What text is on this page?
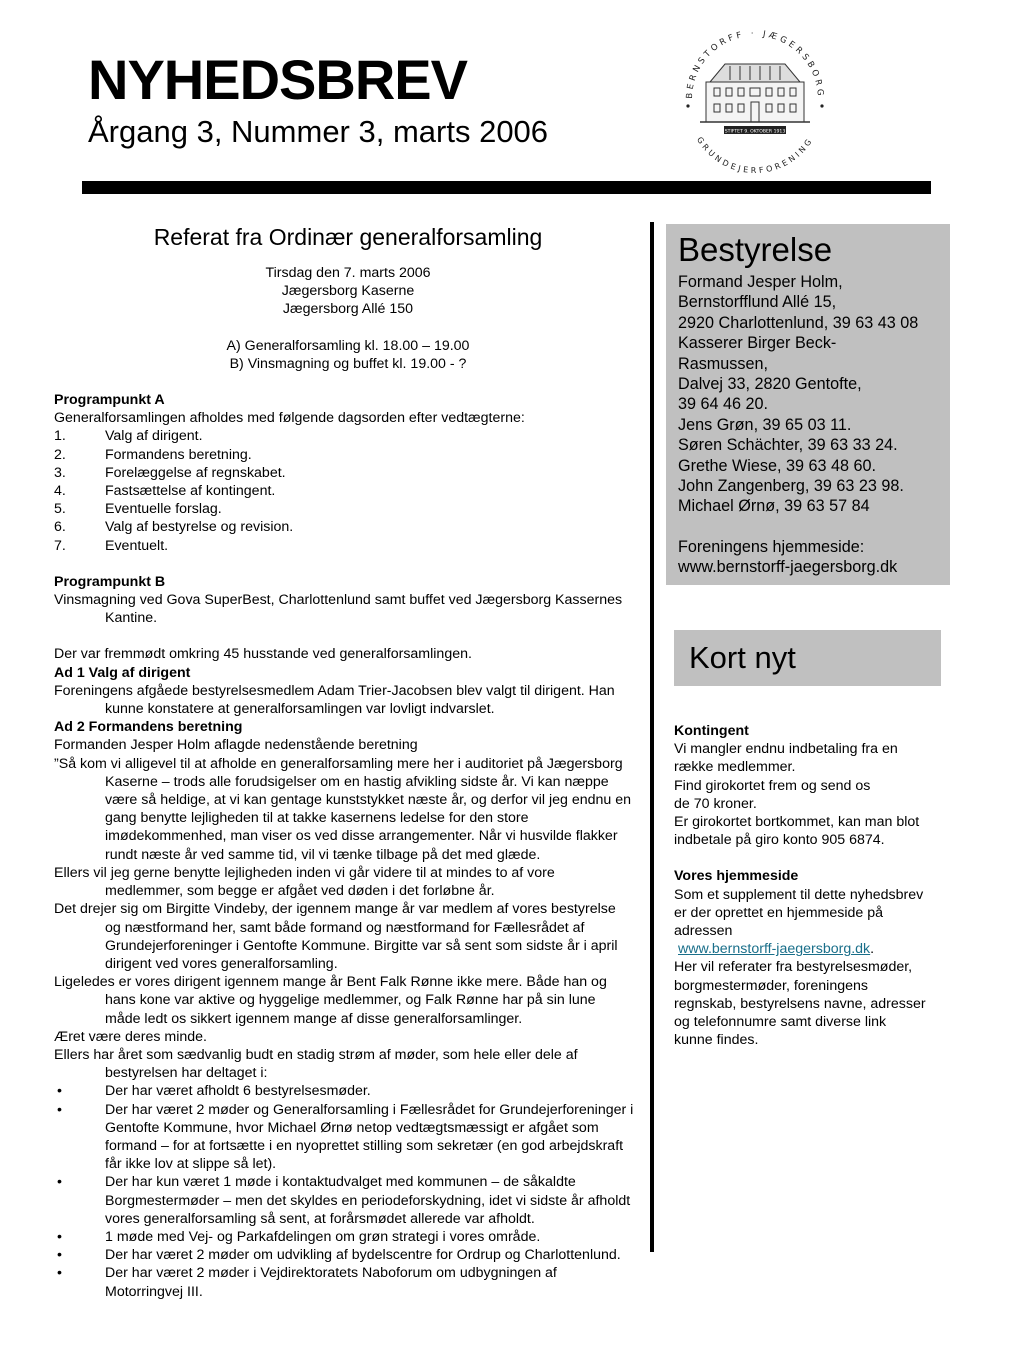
NYHEDSBREV
Årgang 3, Nummer 3, marts 2006
BERNSTORFF · JÆGERSBORG
GRUNDEJERFORENING
STIFTET 9. OKTOBER 1913
Referat fra Ordinær generalforsamling
Tirsdag den 7. marts 2006
Jægersborg Kaserne
Jægersborg Allé 150
A) Generalforsamling kl. 18.00 – 19.00
B) Vinsmagning og buffet kl. 19.00 - ?
Programpunkt A
Generalforsamlingen afholdes med følgende dagsorden efter vedtægterne:
1.	Valg af dirigent.
2.	Formandens beretning.
3.	Forelæggelse af regnskabet.
4.	Fastsættelse af kontingent.
5.	Eventuelle forslag.
6.	Valg af bestyrelse og revision.
7.	Eventuelt.
Programpunkt B
Vinsmagning ved Gova SuperBest, Charlottenlund samt buffet ved Jægersborg Kassernes Kantine.
Der var fremmødt omkring 45 husstande ved generalforsamlingen.
Ad 1 Valg af dirigent
Foreningens afgåede bestyrelsesmedlem Adam Trier-Jacobsen blev valgt til dirigent. Han kunne konstatere at generalforsamlingen var lovligt indvarslet.
Ad 2 Formandens beretning
Formanden Jesper Holm aflagde nedenstående beretning
”Så kom vi alligevel til at afholde en generalforsamling mere her i auditoriet på Jægersborg Kaserne – trods alle forudsigelser om en hastig afvikling sidste år. Vi kan næppe være så heldige, at vi kan gentage kunststykket næste år, og derfor vil jeg endnu en gang benytte lejligheden til at takke kasernens ledelse for den store imødekommenhed, man viser os ved disse arrangementer. Når vi husvilde flakker rundt næste år ved samme tid, vil vi tænke tilbage på det med glæde.
Ellers vil jeg gerne benytte lejligheden inden vi går videre til at mindes to af vore medlemmer, som begge er afgået ved døden i det forløbne år.
Det drejer sig om Birgitte Vindeby, der igennem mange år var medlem af vores bestyrelse og næstformand her, samt både formand og næstformand for Fællesrådet af Grundejerforeninger i Gentofte Kommune. Birgitte var så sent som sidste år i april dirigent ved vores generalforsamling.
Ligeledes er vores dirigent igennem mange år Bent Falk Rønne ikke mere. Både han og hans kone var aktive og hyggelige medlemmer, og Falk Rønne har på sin lune måde ledt os sikkert igennem mange af disse generalforsamlinger.
Æret være deres minde.
Ellers har året som sædvanlig budt en stadig strøm af møder, som hele eller dele af bestyrelsen har deltaget i:
•	Der har været afholdt 6 bestyrelsesmøder.
•	Der har været 2 møder og Generalforsamling i Fællesrådet for Grundejerforeninger i Gentofte Kommune, hvor Michael Ørnø netop vedtægtsmæssigt er afgået som formand – for at fortsætte i en nyoprettet stilling som sekretær (en god arbejdskraft får ikke lov at slippe så let).
•	Der har kun været 1 møde i kontaktudvalget med kommunen – de såkaldte Borgmestermøder – men det skyldes en periodeforskydning, idet vi sidste år afholdt vores generalforsamling så sent, at forårsmødet allerede var afholdt.
•	1 møde med Vej- og Parkafdelingen om grøn strategi i vores område.
•	Der har været 2 møder om udvikling af bydelscentre for Ordrup og Charlottenlund.
•	Der har været 2 møder i Vejdirektoratets Naboforum om udbygningen af Motorringvej III.
Bestyrelse
Formand Jesper Holm,
Bernstorfflund Allé 15,
2920 Charlottenlund, 39 63 43 08
Kasserer Birger Beck-
Rasmussen,
Dalvej 33, 2820 Gentofte,
39 64 46 20.
Jens Grøn, 39 65 03 11.
Søren Schächter, 39 63 33 24.
Grethe Wiese, 39 63 48 60.
John Zangenberg, 39 63 23 98.
Michael Ørnø, 39 63 57 84
Foreningens hjemmeside:
www.bernstorff-jaegersborg.dk
Kort nyt
Kontingent
Vi mangler endnu indbetaling fra en
række medlemmer.
Find girokortet frem og send os
de 70 kroner.
Er girokortet bortkommet, kan man blot
indbetale på giro konto 905 6874.
Vores hjemmeside
Som et supplement til dette nyhedsbrev
er der oprettet en hjemmeside på
adressen
www.bernstorff-jaegersborg.dk.
Her vil referater fra bestyrelsesmøder,
borgmestermøder, foreningens
regnskab, bestyrelsens navne, adresser
og telefonnumre samt diverse link
kunne findes.
